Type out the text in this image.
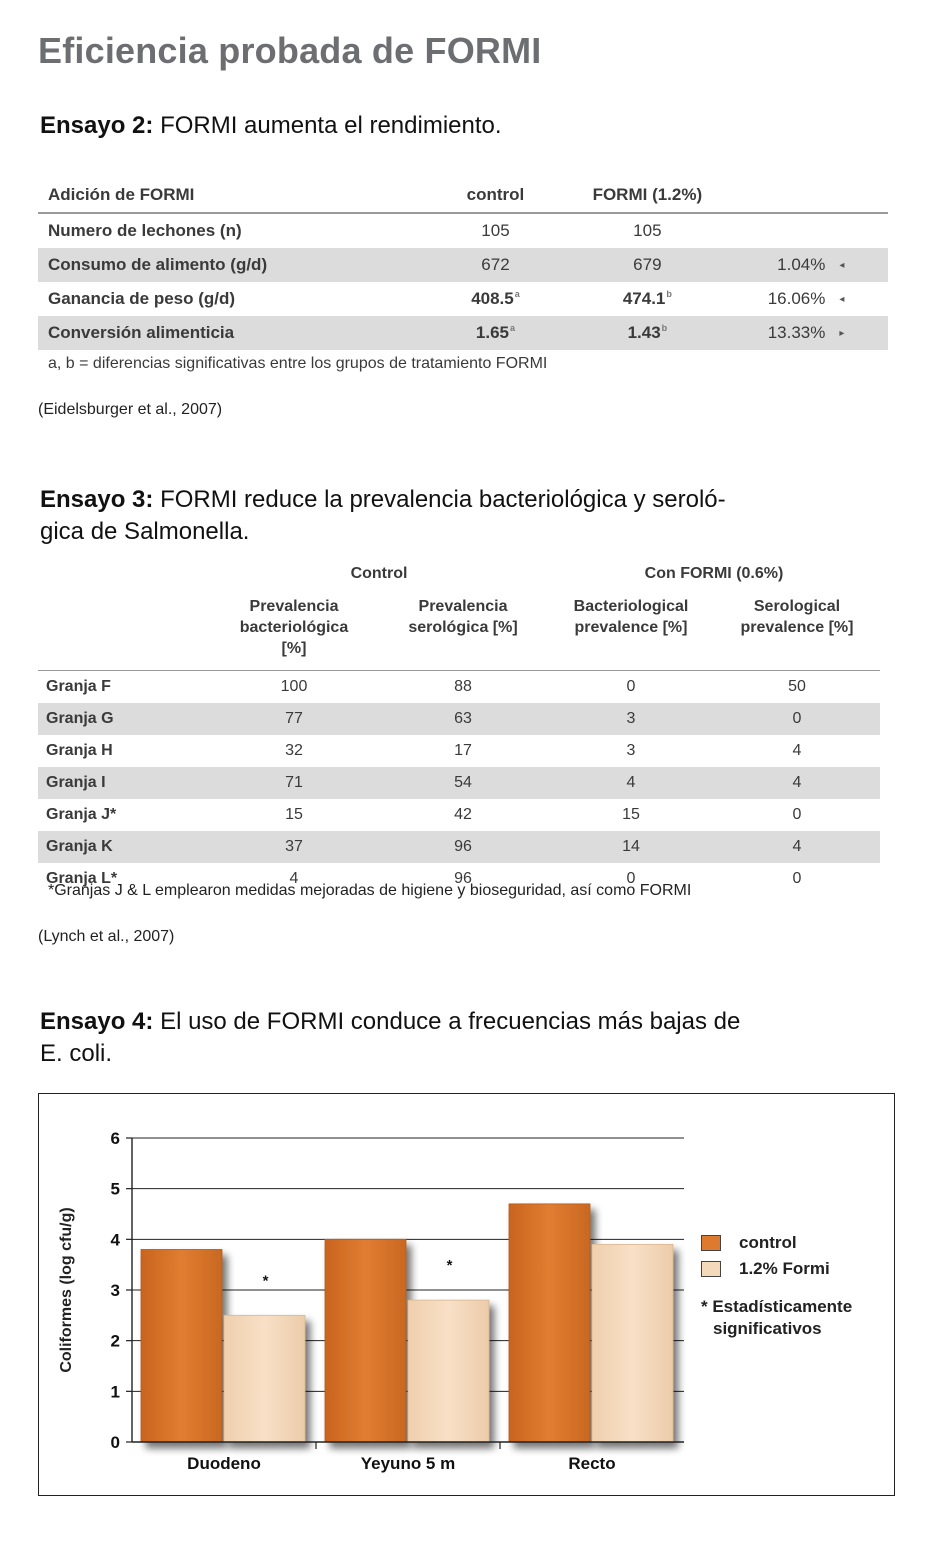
Eficiencia probada de FORMI
Ensayo 2: FORMI aumenta el rendimiento.
Adición de FORMI	control	FORMI (1.2%)		
Numero de lechones (n)	105	105		
Consumo de alimento (g/d)	672	679	1.04%	◂
Ganancia de peso (g/d)	408.5$^a$	474.1$^b$	16.06%	◂
Conversión alimenticia	1.65$^a$	1.43$^b$	13.33%	▸
a, b = diferencias significativas entre los grupos de tratamiento FORMI
(Eidelsburger et al., 2007)
Ensayo 3: FORMI reduce la prevalencia bacteriológica y seroló-
gica de Salmonella.
	Control		Con FORMI (0.6%)	
	Prevalencia bacteriológica [%]	Prevalencia serológica [%]	Bacteriological prevalence [%]	Serological prevalence [%]
Granja F	100	88	0	50
Granja G	77	63	3	0
Granja H	32	17	3	4
Granja I	71	54	4	4
Granja J*	15	42	15	0
Granja K	37	96	14	4
Granja L*	4	96	0	0
*Granjas J & L emplearon medidas mejoradas de higiene y bioseguridad, así como FORMI
(Lynch et al., 2007)
Ensayo 4: El uso de FORMI conduce a frecuencias más bajas de
E. coli.
0
1
2
3
4
5
6
*
Duodeno
*
Yeyuno 5 m	Recto
Coliformes (log cfu/g)	control
1.2% Formi
* Estadísticamente
significativos
